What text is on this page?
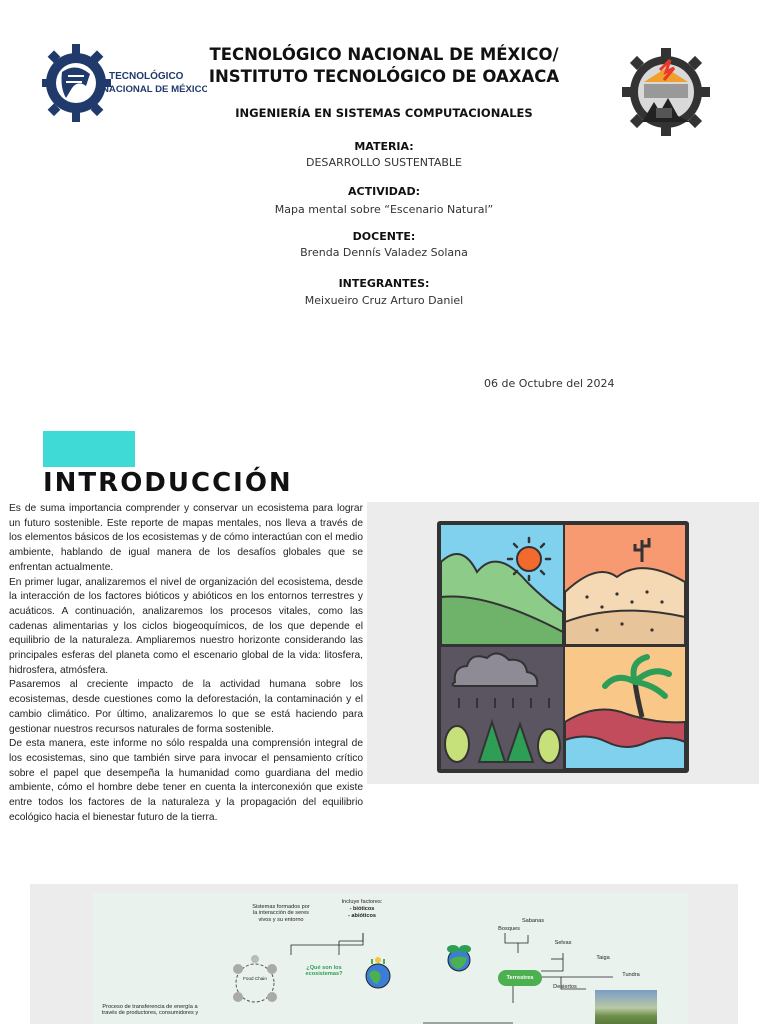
TECNOLÓGICO
NACIONAL DE MÉXICO
TECNOLÓGICO NACIONAL DE MÉXICO/
INSTITUTO TECNOLÓGICO DE OAXACA
INGENIERÍA EN SISTEMAS COMPUTACIONALES
MATERIA:
DESARROLLO SUSTENTABLE
ACTIVIDAD:
Mapa mental sobre “Escenario Natural”
DOCENTE:
Brenda Dennís Valadez Solana
INTEGRANTES:
Meixueiro Cruz Arturo Daniel
06 de Octubre del 2024
INTRODUCCIÓN

Es de suma importancia comprender y conservar un ecosistema para lograr un futuro sostenible. Este reporte de mapas mentales, nos lleva a través de los elementos básicos de los ecosistemas y de cómo interactúan con el medio ambiente, hablando de igual manera de los desafíos globales que se enfrentan actualmente.

En primer lugar, analizaremos el nivel de organización del ecosistema, desde la interacción de los factores bióticos y abióticos en los entornos terrestres y acuáticos. A continuación, analizaremos los procesos vitales, como las cadenas alimentarias y los ciclos biogeoquímicos, de los que depende el equilibrio de la naturaleza. Ampliaremos nuestro horizonte considerando las principales esferas del planeta como el escenario global de la vida: litosfera, hidrosfera, atmósfera.

Pasaremos al creciente impacto de la actividad humana sobre los ecosistemas, desde cuestiones como la deforestación, la contaminación y el cambio climático. Por último, analizaremos lo que se está haciendo para gestionar nuestros recursos naturales de forma sostenible.

De esta manera, este informe no sólo respalda una comprensión integral de los ecosistemas, sino que también sirve para invocar el pensamiento crítico sobre el papel que desempeña la humanidad como guardiana del medio ambiente, cómo el hombre debe tener en cuenta la interconexión que existe entre todos los factores de la naturaleza y la propagación del equilibrio ecológico hacia el bienestar futuro de la tierra.

Sistemas formados por la interacción de seres vivos y su entorno
Incluye factores:
- bióticos
- abióticos
¿Qué son los ecosistemas?
Food Chain
Proceso de transferencia de energía a través de productores, consumidores y
Terrestres
Bosques
Sabanas
Selvas
Taiga
Tundra
Desiertos
